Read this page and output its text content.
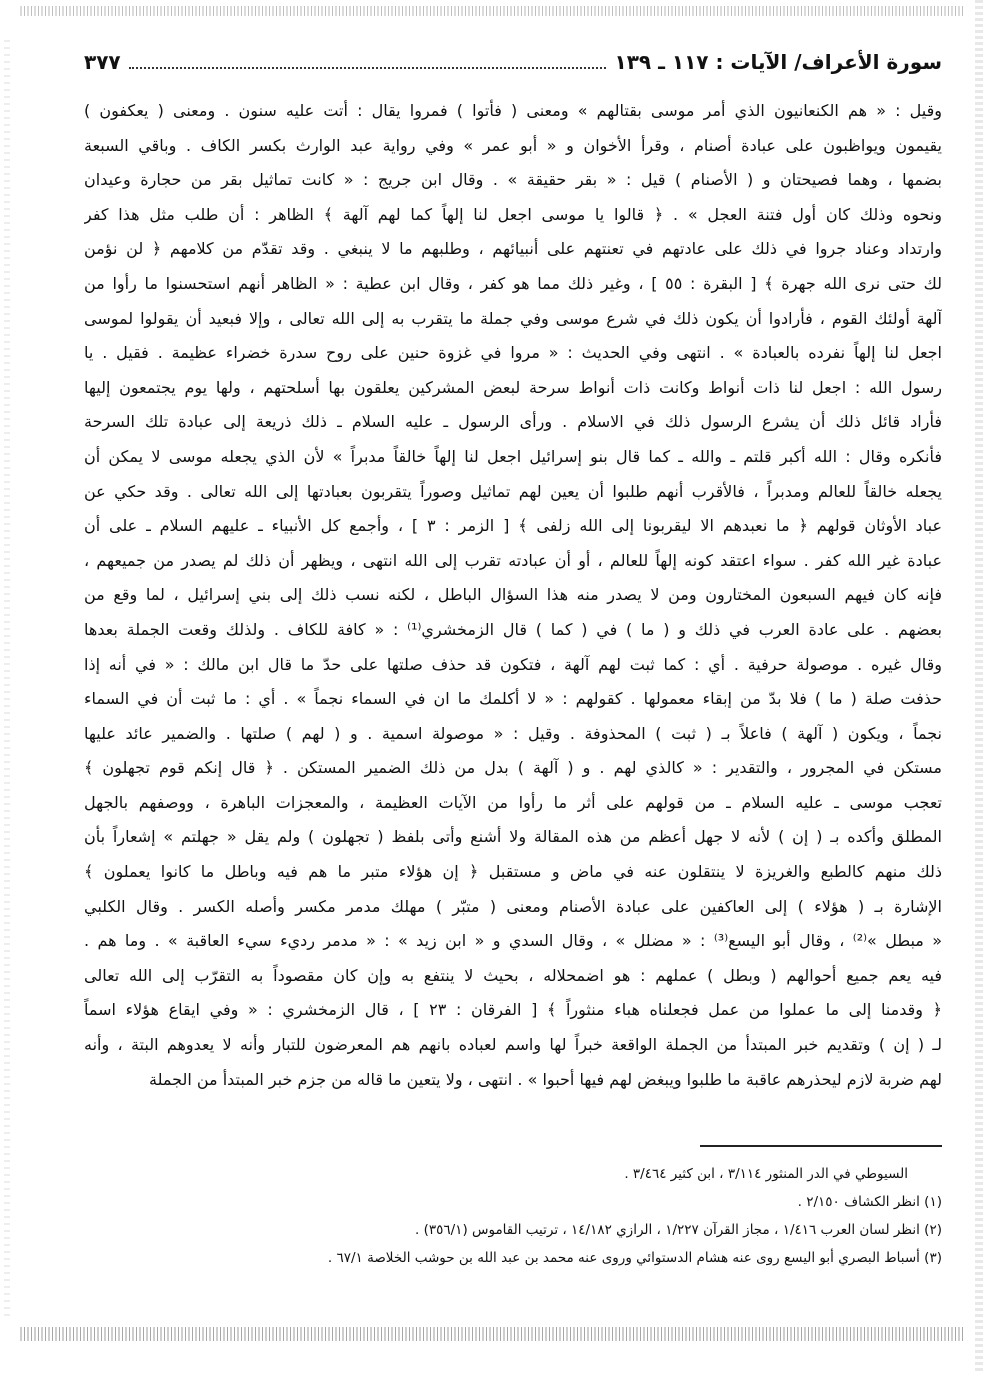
سورة الأعراف/ الآيات : ١١٧ ـ ١٣٩
٣٧٧
وقيل : « هم الكنعانيون الذي أمر موسى بقتالهم » ومعنى ( فأتوا ) فمروا يقال : أتت عليه سنون . ومعنى ( يعكفون )
يقيمون ويواظبون على عبادة أصنام ، وقرأ الأخوان و « أبو عمر » وفي رواية عبد الوارث بكسر الكاف . وباقي السبعة
بضمها ، وهما فصيحتان و ( الأصنام ) قيل : « بقر حقيقة » . وقال ابن جريج : « كانت تماثيل بقر من حجارة وعيدان
ونحوه وذلك كان أول فتنة العجل » . ﴿ قالوا يا موسى اجعل لنا إلهاً كما لهم آلهة ﴾ الظاهر : أن طلب مثل هذا كفر
وارتداد وعناد جروا في ذلك على عادتهم في تعنتهم على أنبيائهم ، وطلبهم ما لا ينبغي . وقد تقدّم من كلامهم ﴿ لن نؤمن
لك حتى نرى الله جهرة ﴾ [ البقرة : ٥٥ ] ، وغير ذلك مما هو كفر ، وقال ابن عطية : « الظاهر أنهم استحسنوا ما رأوا من
آلهة أولئك القوم ، فأرادوا أن يكون ذلك في شرع موسى وفي جملة ما يتقرب به إلى الله تعالى ، وإلا فبعيد أن يقولوا لموسى
اجعل لنا إلهاً نفرده بالعبادة » . انتهى وفي الحديث : « مروا في غزوة حنين على روح سدرة خضراء عظيمة . فقيل . يا
رسول الله : اجعل لنا ذات أنواط وكانت ذات أنواط سرحة لبعض المشركين يعلقون بها أسلحتهم ، ولها يوم يجتمعون إليها
فأراد قائل ذلك أن يشرع الرسول ذلك في الاسلام . ورأى الرسول ـ عليه السلام ـ ذلك ذريعة إلى عبادة تلك السرحة
فأنكره وقال : الله أكبر قلتم ـ والله ـ كما قال بنو إسرائيل اجعل لنا إلهاً خالقاً مدبراً » لأن الذي يجعله موسى لا يمكن أن
يجعله خالقاً للعالم ومدبراً ، فالأقرب أنهم طلبوا أن يعين لهم تماثيل وصوراً يتقربون بعبادتها إلى الله تعالى . وقد حكي عن
عباد الأوثان قولهم ﴿ ما نعبدهم الا ليقربونا إلى الله زلفى ﴾ [ الزمر : ٣ ] ، وأجمع كل الأنبياء ـ عليهم السلام ـ على أن
عبادة غير الله كفر . سواء اعتقد كونه إلهاً للعالم ، أو أن عبادته تقرب إلى الله انتهى ، ويظهر أن ذلك لم يصدر من جميعهم ،
فإنه كان فيهم السبعون المختارون ومن لا يصدر منه هذا السؤال الباطل ، لكنه نسب ذلك إلى بني إسرائيل ، لما وقع من
بعضهم . على عادة العرب في ذلك و ( ما ) في ( كما ) قال الزمخشري⁽¹⁾ : « كافة للكاف . ولذلك وقعت الجملة بعدها
وقال غيره . موصولة حرفية . أي : كما ثبت لهم آلهة ، فتكون قد حذف صلتها على حدّ ما قال ابن مالك : « في أنه إذا
حذفت صلة ( ما ) فلا بدّ من إبقاء معمولها . كقولهم : « لا أكلمك ما ان في السماء نجماً » . أي : ما ثبت أن في السماء
نجماً ، ويكون ( آلهة ) فاعلاً بـ ( ثبت ) المحذوفة . وقيل : « موصولة اسمية . و ( لهم ) صلتها . والضمير عائد عليها
مستكن في المجرور ، والتقدير : « كالذي لهم . و ( آلهة ) بدل من ذلك الضمير المستكن . ﴿ قال إنكم قوم تجهلون ﴾
تعجب موسى ـ عليه السلام ـ من قولهم على أثر ما رأوا من الآيات العظيمة ، والمعجزات الباهرة ، ووصفهم بالجهل
المطلق وأكده بـ ( إن ) لأنه لا جهل أعظم من هذه المقالة ولا أشنع وأتى بلفظ ( تجهلون ) ولم يقل « جهلتم » إشعاراً بأن
ذلك منهم كالطبع والغريزة لا ينتقلون عنه في ماض و مستقبل ﴿ إن هؤلاء متبر ما هم فيه وباطل ما كانوا يعملون ﴾
الإشارة بـ ( هؤلاء ) إلى العاكفين على عبادة الأصنام ومعنى ( متبّر ) مهلك مدمر مكسر وأصله الكسر . وقال الكلبي
« مبطل »⁽²⁾ ، وقال أبو اليسع⁽³⁾ : « مضلل » ، وقال السدي و « ابن زيد » : « مدمر رديء سيء العاقبة » . وما هم .
فيه يعم جميع أحوالهم ( وبطل ) عملهم : هو اضمحلاله ، بحيث لا ينتفع به وإن كان مقصوداً به التقرّب إلى الله تعالى
﴿ وقدمنا إلى ما عملوا من عمل فجعلناه هباء منثوراً ﴾ [ الفرقان : ٢٣ ] ، قال الزمخشري : « وفي ايقاع هؤلاء اسماً
لـ ( إن ) وتقديم خبر المبتدأ من الجملة الواقعة خبراً لها واسم لعباده بانهم هم المعرضون للتبار وأنه لا يعدوهم البتة ، وأنه
لهم ضربة لازم ليحذرهم عاقبة ما طلبوا ويبغض لهم فيها أحبوا » . انتهى ، ولا يتعين ما قاله من جزم خبر المبتدأ من الجملة
السيوطي في الدر المنثور ٣/١١٤ ، ابن كثير ٣/٤٦٤ .
(١) انظر الكشاف ٢/١٥٠ .
(٢) انظر لسان العرب ١/٤١٦ ، مجاز القرآن ١/٢٢٧ ، الرازي ١٤/١٨٢ ، ترتيب القاموس (٣٥٦/١) .
(٣) أسباط البصري أبو اليسع روى عنه هشام الدستوائي وروى عنه محمد بن عبد الله بن حوشب الخلاصة ٦٧/١ .
